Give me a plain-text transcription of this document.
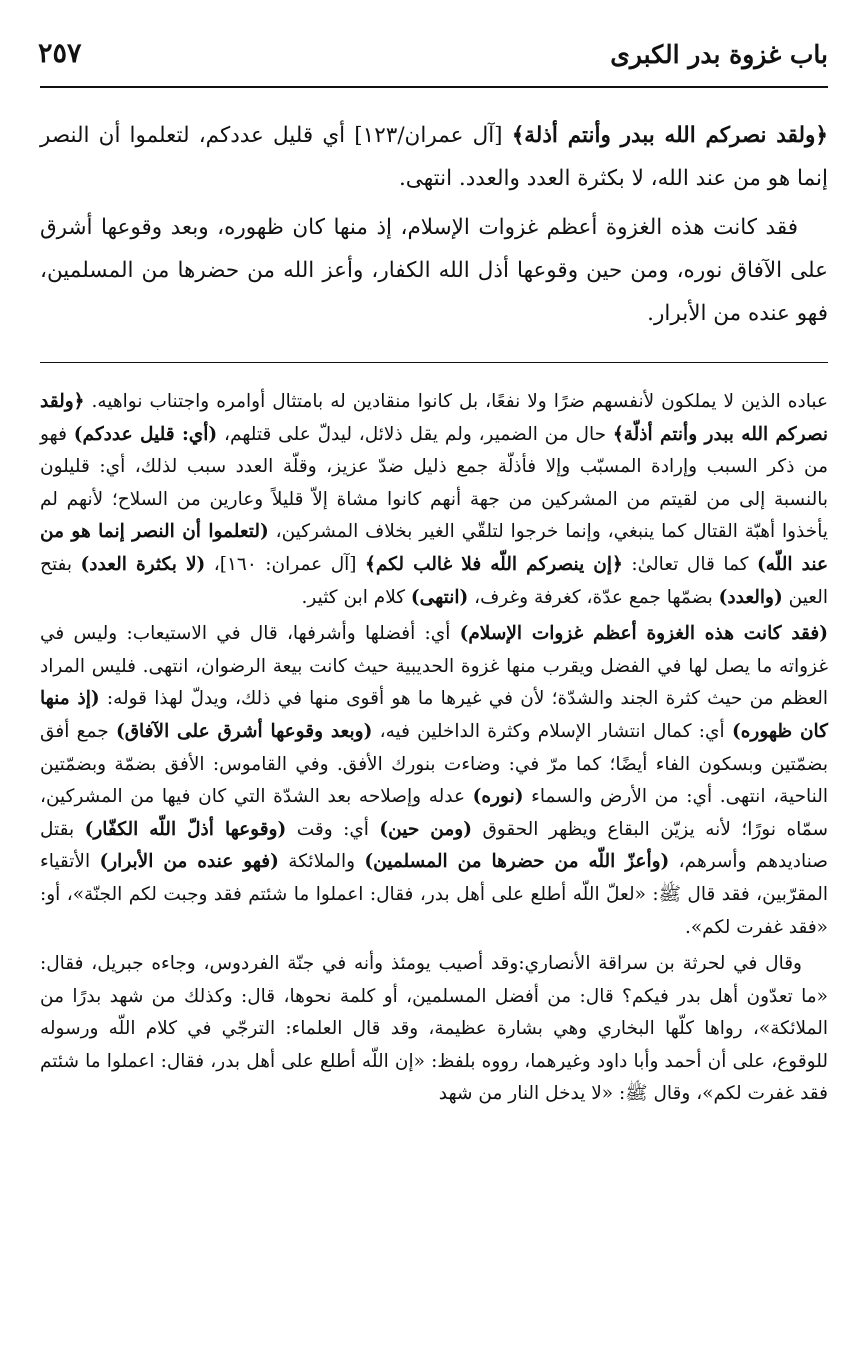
باب غزوة بدر الكبرى
٢٥٧

﴿ولقد نصركم الله ببدر وأنتم أذلة﴾ [آل عمران/١٢٣] أي قليل عددكم، لتعلموا أن النصر إنما هو من عند الله، لا بكثرة العدد والعدد. انتهى.

فقد كانت هذه الغزوة أعظم غزوات الإسلام، إذ منها كان ظهوره، وبعد وقوعها أشرق على الآفاق نوره، ومن حين وقوعها أذل الله الكفار، وأعز الله من حضرها من المسلمين، فهو عنده من الأبرار.

عباده الذين لا يملكون لأنفسهم ضرًا ولا نفعًا، بل كانوا منقادين له بامتثال أوامره واجتناب نواهيه. ﴿ولقد نصركم الله ببدر وأنتم أذلّة﴾ حال من الضمير، ولم يقل ذلائل، ليدلّ على قتلهم، (أي: قليل عددكم) فهو من ذكر السبب وإرادة المسبّب وإلا فأذلّة جمع ذليل ضدّ عزيز، وقلّة العدد سبب لذلك، أي: قليلون بالنسبة إلى من لقيتم من المشركين من جهة أنهم كانوا مشاة إلاّ قليلاً وعارين من السلاح؛ لأنهم لم يأخذوا أهبّة القتال كما ينبغي، وإنما خرجوا لتلقّي الغير بخلاف المشركين، (لتعلموا أن النصر إنما هو من عند اللّه) كما قال تعالىٰ: ﴿إن ينصركم اللّه فلا غالب لكم﴾ [آل عمران: ١٦٠]، (لا بكثرة العدد) بفتح العين (والعدد) بضمّها جمع عدّة، كغرفة وغرف، (انتهى) كلام ابن كثير.

(فقد كانت هذه الغزوة أعظم غزوات الإسلام) أي: أفضلها وأشرفها، قال في الاستيعاب: وليس في غزواته ما يصل لها في الفضل ويقرب منها غزوة الحديبية حيث كانت بيعة الرضوان، انتهى. فليس المراد العظم من حيث كثرة الجند والشدّة؛ لأن في غيرها ما هو أقوى منها في ذلك، ويدلّ لهذا قوله: (إذ منها كان ظهوره) أي: كمال انتشار الإسلام وكثرة الداخلين فيه، (وبعد وقوعها أشرق على الآفاق) جمع أفق بضمّتين وبسكون الفاء أيضًا؛ كما مرّ في: وضاءت بنورك الأفق. وفي القاموس: الأفق بضمّة وبضمّتين الناحية، انتهى. أي: من الأرض والسماء (نوره) عدله وإصلاحه بعد الشدّة التي كان فيها من المشركين، سمّاه نورًا؛ لأنه يزيّن البقاع ويظهر الحقوق (ومن حين) أي: وقت (وقوعها أذلّ اللّه الكفّار) بقتل صناديدهم وأسرهم، (وأعزّ اللّه من حضرها من المسلمين) والملائكة (فهو عنده من الأبرار) الأتقياء المقرّبين، فقد قال ﷺ: «لعلّ اللّه أطلع على أهل بدر، فقال: اعملوا ما شئتم فقد وجبت لكم الجنّة»، أو: «فقد غفرت لكم».

وقال في لحرثة بن سراقة الأنصاري:وقد أصيب يومئذ وأنه في جنّة الفردوس، وجاءه جبريل، فقال: «ما تعدّون أهل بدر فيكم؟ قال: من أفضل المسلمين، أو كلمة نحوها، قال: وكذلك من شهد بدرًا من الملائكة»، رواها كلّها البخاري وهي بشارة عظيمة، وقد قال العلماء: الترجّي في كلام اللّه ورسوله للوقوع، على أن أحمد وأبا داود وغيرهما، رووه بلفظ: «إن اللّه أطلع على أهل بدر، فقال: اعملوا ما شئتم فقد غفرت لكم»، وقال ﷺ: «لا يدخل النار من شهد
